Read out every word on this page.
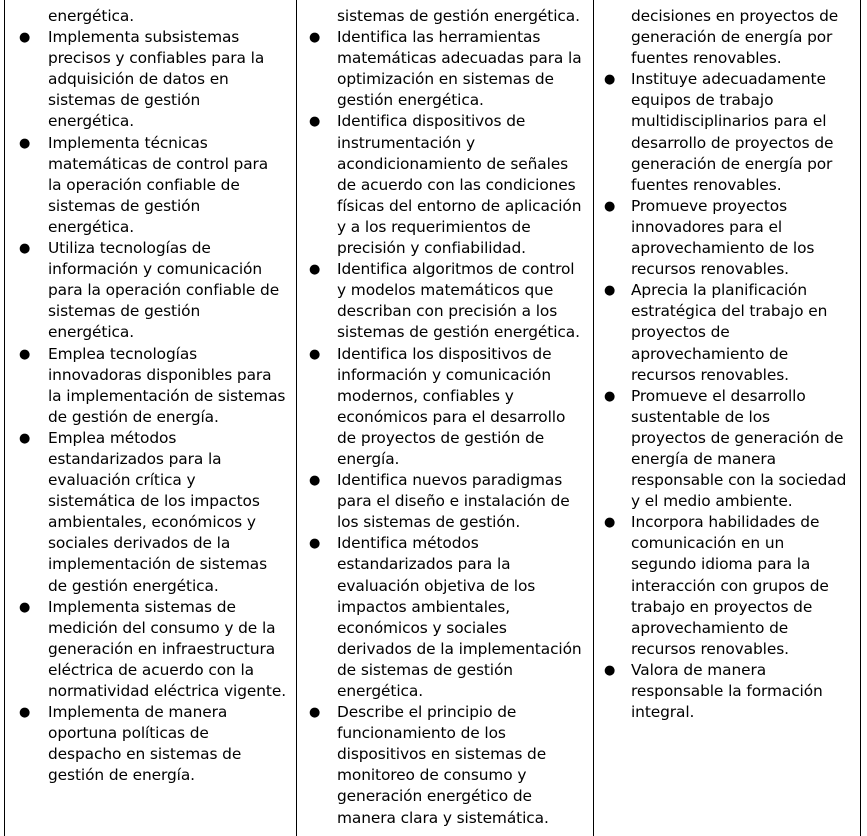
energética.
● Implementa subsistemas
precisos y confiables para la
adquisición de datos en
sistemas de gestión
energética.
● Implementa técnicas
matemáticas de control para
la operación confiable de
sistemas de gestión
energética.
● Utiliza tecnologías de
información y comunicación
para la operación confiable de
sistemas de gestión
energética.
● Emplea tecnologías
innovadoras disponibles para
la implementación de sistemas
de gestión de energía.
● Emplea métodos
estandarizados para la
evaluación crítica y
sistemática de los impactos
ambientales, económicos y
sociales derivados de la
implementación de sistemas
de gestión energética.
● Implementa sistemas de
medición del consumo y de la
generación en infraestructura
eléctrica de acuerdo con la
normatividad eléctrica vigente.
● Implementa de manera
oportuna políticas de
despacho en sistemas de
gestión de energía.
sistemas de gestión energética.
● Identifica las herramientas
matemáticas adecuadas para la
optimización en sistemas de
gestión energética.
● Identifica dispositivos de
instrumentación y
acondicionamiento de señales
de acuerdo con las condiciones
físicas del entorno de aplicación
y a los requerimientos de
precisión y confiabilidad.
● Identifica algoritmos de control
y modelos matemáticos que
describan con precisión a los
sistemas de gestión energética.
● Identifica los dispositivos de
información y comunicación
modernos, confiables y
económicos para el desarrollo
de proyectos de gestión de
energía.
● Identifica nuevos paradigmas
para el diseño e instalación de
los sistemas de gestión.
● Identifica métodos
estandarizados para la
evaluación objetiva de los
impactos ambientales,
económicos y sociales
derivados de la implementación
de sistemas de gestión
energética.
● Describe el principio de
funcionamiento de los
dispositivos en sistemas de
monitoreo de consumo y
generación energético de
manera clara y sistemática.
decisiones en proyectos de
generación de energía por
fuentes renovables.
● Instituye adecuadamente
equipos de trabajo
multidisciplinarios para el
desarrollo de proyectos de
generación de energía por
fuentes renovables.
● Promueve proyectos
innovadores para el
aprovechamiento de los
recursos renovables.
● Aprecia la planificación
estratégica del trabajo en
proyectos de
aprovechamiento de
recursos renovables.
● Promueve el desarrollo
sustentable de los
proyectos de generación de
energía de manera
responsable con la sociedad
y el medio ambiente.
● Incorpora habilidades de
comunicación en un
segundo idioma para la
interacción con grupos de
trabajo en proyectos de
aprovechamiento de
recursos renovables.
● Valora de manera
responsable la formación
integral.
